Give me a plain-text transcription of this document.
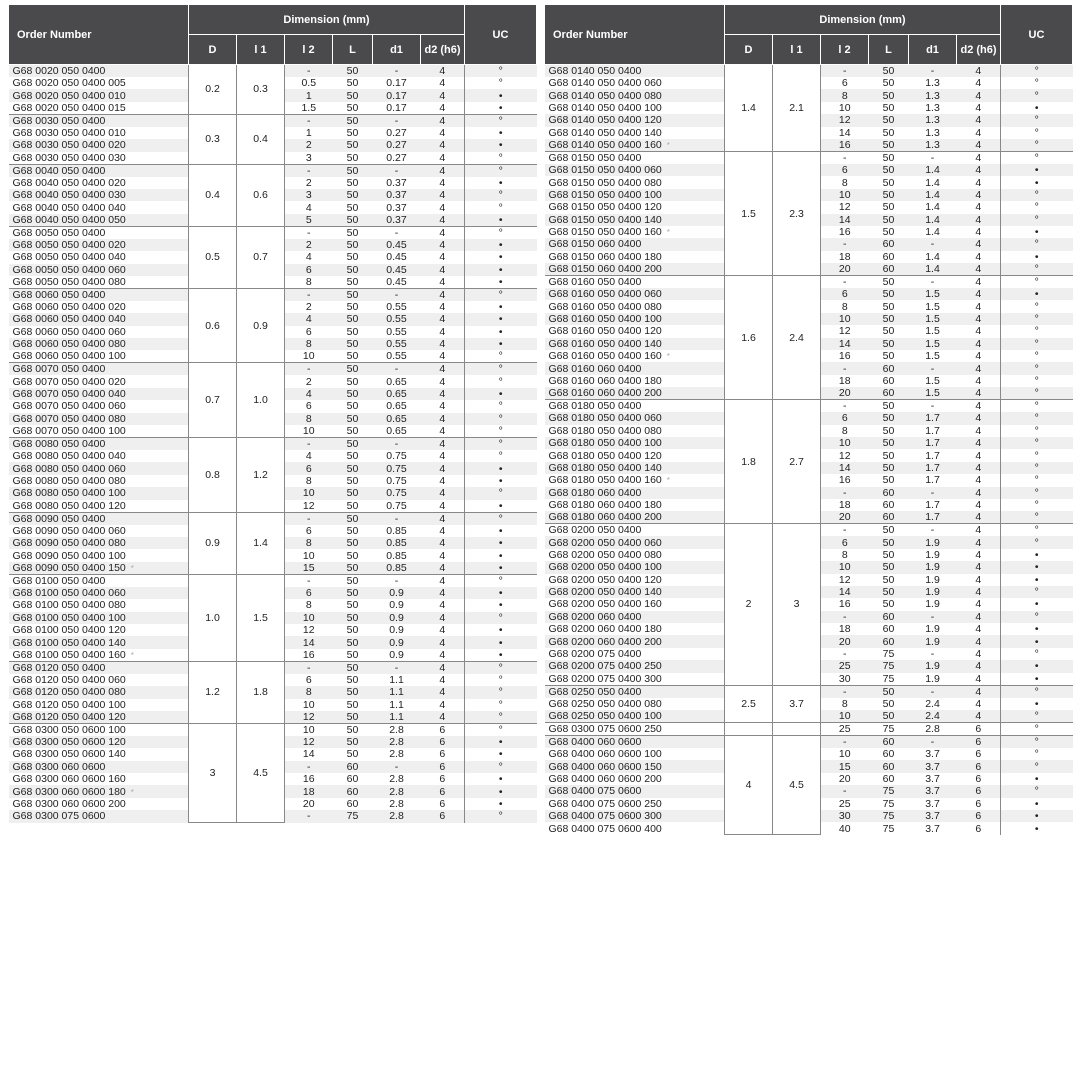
Order Number	Dimension (mm)						UC
	D	l 1	l 2	L	d1	d2 (h6)	
G68 0020 050 0400	0.2	0.3	-	50	-	4	°
G68 0020 050 0400 005			0.5	50	0.17	4	°
G68 0020 050 0400 010			1	50	0.17	4	•
G68 0020 050 0400 015			1.5	50	0.17	4	•
G68 0030 050 0400	0.3	0.4	-	50	-	4	°
G68 0030 050 0400 010			1	50	0.27	4	•
G68 0030 050 0400 020			2	50	0.27	4	•
G68 0030 050 0400 030			3	50	0.27	4	°
G68 0040 050 0400	0.4	0.6	-	50	-	4	°
G68 0040 050 0400 020			2	50	0.37	4	•
G68 0040 050 0400 030			3	50	0.37	4	°
G68 0040 050 0400 040			4	50	0.37	4	°
G68 0040 050 0400 050			5	50	0.37	4	•
G68 0050 050 0400	0.5	0.7	-	50	-	4	°
G68 0050 050 0400 020			2	50	0.45	4	•
G68 0050 050 0400 040			4	50	0.45	4	•
G68 0050 050 0400 060			6	50	0.45	4	•
G68 0050 050 0400 080			8	50	0.45	4	•
G68 0060 050 0400	0.6	0.9	-	50	-	4	°
G68 0060 050 0400 020			2	50	0.55	4	•
G68 0060 050 0400 040			4	50	0.55	4	•
G68 0060 050 0400 060			6	50	0.55	4	•
G68 0060 050 0400 080			8	50	0.55	4	•
G68 0060 050 0400 100			10	50	0.55	4	°
G68 0070 050 0400	0.7	1.0	-	50	-	4	°
G68 0070 050 0400 020			2	50	0.65	4	°
G68 0070 050 0400 040			4	50	0.65	4	•
G68 0070 050 0400 060			6	50	0.65	4	°
G68 0070 050 0400 080			8	50	0.65	4	°
G68 0070 050 0400 100			10	50	0.65	4	°
G68 0080 050 0400	0.8	1.2	-	50	-	4	°
G68 0080 050 0400 040			4	50	0.75	4	°
G68 0080 050 0400 060			6	50	0.75	4	•
G68 0080 050 0400 080			8	50	0.75	4	•
G68 0080 050 0400 100			10	50	0.75	4	°
G68 0080 050 0400 120			12	50	0.75	4	•
G68 0090 050 0400	0.9	1.4	-	50	-	4	°
G68 0090 050 0400 060			6	50	0.85	4	•
G68 0090 050 0400 080			8	50	0.85	4	•
G68 0090 050 0400 100			10	50	0.85	4	•
G68 0090 050 0400 150 *			15	50	0.85	4	•
G68 0100 050 0400	1.0	1.5	-	50	-	4	°
G68 0100 050 0400 060			6	50	0.9	4	•
G68 0100 050 0400 080			8	50	0.9	4	•
G68 0100 050 0400 100			10	50	0.9	4	°
G68 0100 050 0400 120			12	50	0.9	4	•
G68 0100 050 0400 140			14	50	0.9	4	•
G68 0100 050 0400 160 *			16	50	0.9	4	•
G68 0120 050 0400	1.2	1.8	-	50	-	4	°
G68 0120 050 0400 060			6	50	1.1	4	°
G68 0120 050 0400 080			8	50	1.1	4	°
G68 0120 050 0400 100			10	50	1.1	4	°
G68 0120 050 0400 120			12	50	1.1	4	°
G68 0300 050 0600 100	3	4.5	10	50	2.8	6	°
G68 0300 050 0600 120			12	50	2.8	6	•
G68 0300 050 0600 140			14	50	2.8	6	•
G68 0300 060 0600			-	60	-	6	°
G68 0300 060 0600 160			16	60	2.8	6	•
G68 0300 060 0600 180 *			18	60	2.8	6	•
G68 0300 060 0600 200			20	60	2.8	6	•
G68 0300 075 0600			-	75	2.8	6	°
Order Number	Dimension (mm)						UC
	D	l 1	l 2	L	d1	d2 (h6)	
G68 0140 050 0400	1.4	2.1	-	50	-	4	°
G68 0140 050 0400 060			6	50	1.3	4	°
G68 0140 050 0400 080			8	50	1.3	4	°
G68 0140 050 0400 100			10	50	1.3	4	•
G68 0140 050 0400 120			12	50	1.3	4	°
G68 0140 050 0400 140			14	50	1.3	4	°
G68 0140 050 0400 160 *			16	50	1.3	4	°
G68 0150 050 0400	1.5	2.3	-	50	-	4	°
G68 0150 050 0400 060			6	50	1.4	4	•
G68 0150 050 0400 080			8	50	1.4	4	•
G68 0150 050 0400 100			10	50	1.4	4	°
G68 0150 050 0400 120			12	50	1.4	4	°
G68 0150 050 0400 140			14	50	1.4	4	°
G68 0150 050 0400 160 *			16	50	1.4	4	•
G68 0150 060 0400			-	60	-	4	°
G68 0150 060 0400 180			18	60	1.4	4	•
G68 0150 060 0400 200			20	60	1.4	4	°
G68 0160 050 0400	1.6	2.4	-	50	-	4	°
G68 0160 050 0400 060			6	50	1.5	4	•
G68 0160 050 0400 080			8	50	1.5	4	°
G68 0160 050 0400 100			10	50	1.5	4	°
G68 0160 050 0400 120			12	50	1.5	4	°
G68 0160 050 0400 140			14	50	1.5	4	°
G68 0160 050 0400 160 *			16	50	1.5	4	°
G68 0160 060 0400			-	60	-	4	°
G68 0160 060 0400 180			18	60	1.5	4	°
G68 0160 060 0400 200			20	60	1.5	4	°
G68 0180 050 0400	1.8	2.7	-	50	-	4	°
G68 0180 050 0400 060			6	50	1.7	4	°
G68 0180 050 0400 080			8	50	1.7	4	°
G68 0180 050 0400 100			10	50	1.7	4	°
G68 0180 050 0400 120			12	50	1.7	4	°
G68 0180 050 0400 140			14	50	1.7	4	°
G68 0180 050 0400 160 *			16	50	1.7	4	°
G68 0180 060 0400			-	60	-	4	°
G68 0180 060 0400 180			18	60	1.7	4	°
G68 0180 060 0400 200			20	60	1.7	4	°
G68 0200 050 0400	2	3	-	50	-	4	°
G68 0200 050 0400 060			6	50	1.9	4	°
G68 0200 050 0400 080			8	50	1.9	4	•
G68 0200 050 0400 100			10	50	1.9	4	•
G68 0200 050 0400 120			12	50	1.9	4	•
G68 0200 050 0400 140			14	50	1.9	4	°
G68 0200 050 0400 160			16	50	1.9	4	•
G68 0200 060 0400			-	60	-	4	°
G68 0200 060 0400 180			18	60	1.9	4	•
G68 0200 060 0400 200			20	60	1.9	4	•
G68 0200 075 0400			-	75	-	4	°
G68 0200 075 0400 250			25	75	1.9	4	•
G68 0200 075 0400 300			30	75	1.9	4	•
G68 0250 050 0400	2.5	3.7	-	50	-	4	°
G68 0250 050 0400 080			8	50	2.4	4	•
G68 0250 050 0400 100			10	50	2.4	4	°
G68 0300 075 0600 250			25	75	2.8	6	°
G68 0400 060 0600	4	4.5	-	60	-	6	°
G68 0400 060 0600 100			10	60	3.7	6	°
G68 0400 060 0600 150			15	60	3.7	6	°
G68 0400 060 0600 200			20	60	3.7	6	•
G68 0400 075 0600			-	75	3.7	6	°
G68 0400 075 0600 250			25	75	3.7	6	•
G68 0400 075 0600 300			30	75	3.7	6	•
G68 0400 075 0600 400			40	75	3.7	6	•
